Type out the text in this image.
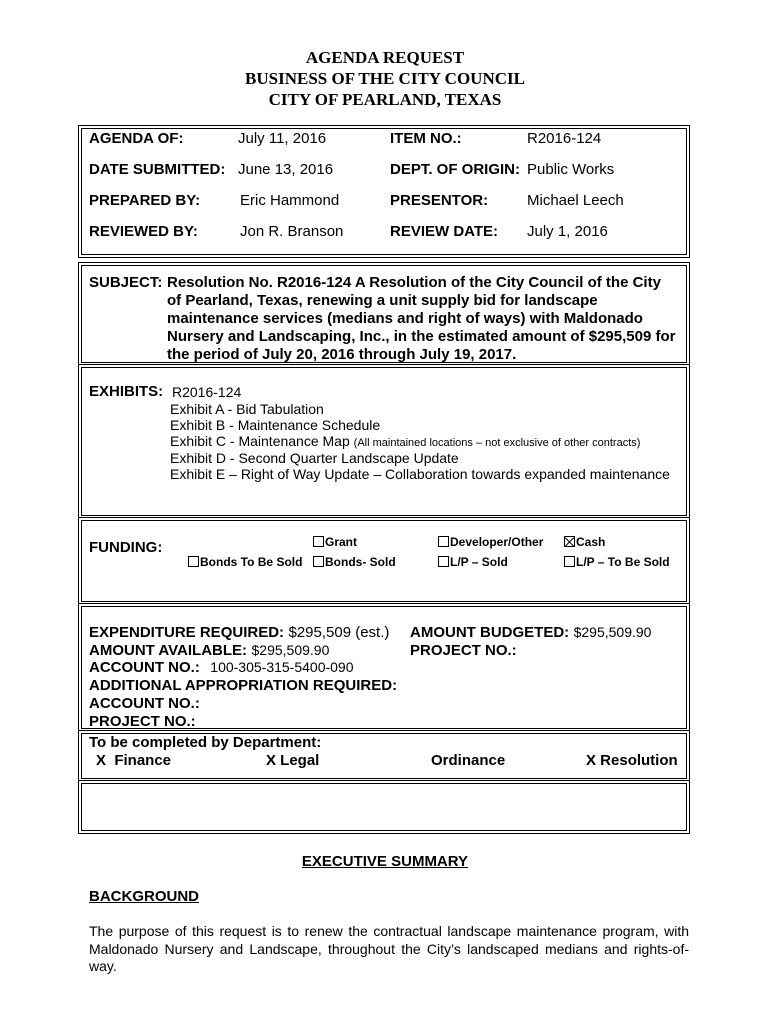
AGENDA REQUEST
BUSINESS OF THE CITY COUNCIL
CITY OF PEARLAND, TEXAS
AGENDA OF:	July 11, 2016	ITEM NO.:	R2016-124
DATE SUBMITTED: June 13, 2016	DEPT. OF ORIGIN: Public Works
PREPARED BY:	Eric Hammond	PRESENTOR:	Michael Leech
REVIEWED BY:	Jon R. Branson	REVIEW DATE: July 1, 2016
SUBJECT: Resolution No. R2016-124 A Resolution of the City Council of the City
of Pearland, Texas, renewing a unit supply bid for landscape
maintenance services (medians and right of ways) with Maldonado
Nursery and Landscaping, Inc., in the estimated amount of $295,509 for
the period of July 20, 2016 through July 19, 2017.
EXHIBITS: R2016-124
Exhibit A - Bid Tabulation
Exhibit B - Maintenance Schedule
Exhibit C - Maintenance Map (All maintained locations – not exclusive of other contracts)
Exhibit D - Second Quarter Landscape Update
Exhibit E – Right of Way Update – Collaboration towards expanded maintenance
FUNDING:	Grant	Developer/Other	Cash
Bonds To Be Sold	Bonds- Sold	L/P – Sold	L/P – To Be Sold
EXPENDITURE REQUIRED: $295,509 (est.) AMOUNT BUDGETED: $295,509.90
AMOUNT AVAILABLE: $295,509.90	PROJECT NO.:
ACCOUNT NO.: 100-305-315-5400-090
ADDITIONAL APPROPRIATION REQUIRED:
ACCOUNT NO.:
PROJECT NO.:
To be completed by Department:
X  Finance	X Legal	Ordinance	X Resolution
EXECUTIVE SUMMARY
BACKGROUND
The purpose of this request is to renew the contractual landscape maintenance program, with Maldonado Nursery and Landscape, throughout the City’s landscaped medians and rights-of-way.
